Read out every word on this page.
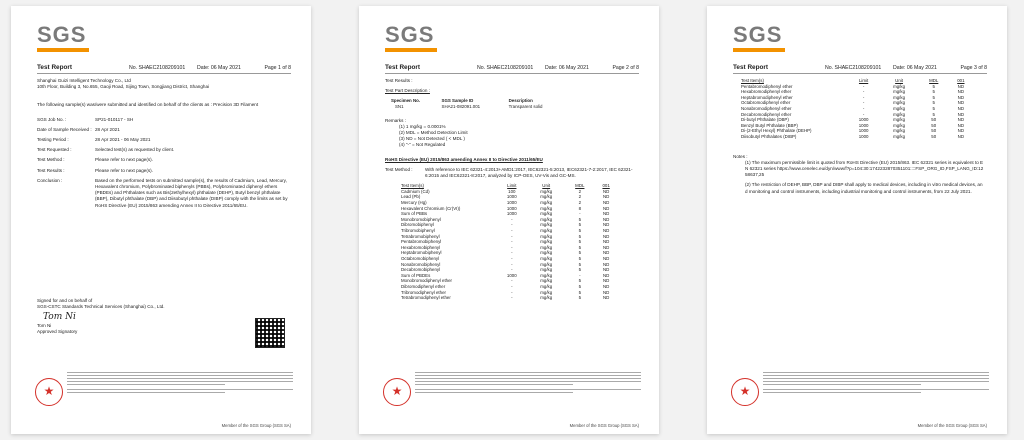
SGS
Test Report	No. SHAEC2108209101	Date: 06 May 2021	Page 1 of 8
Shanghai Guizi Intelligent Technology Co., Ltd
10th Floor, Building 3, No.655, Gaoji Road, Sijing Town, Songjiang District, Shanghai
The following sample(s) was/were submitted and identified on behalf of the clients as : Precision 3D Filament
SGS Job No. :	SP21-010117 - SH
Date of Sample Received : 28 Apr 2021
Testing Period :	28 Apr 2021 - 06 May 2021
Test Requested :	Selected test(s) as requested by client.
Test Method :	Please refer to next page(s).
Test Results :	Please refer to next page(s).
Conclusion :	Based on the performed tests on submitted sample(s), the results of Cadmium, Lead, Mercury, Hexavalent chromium, Polybrominated biphenyls (PBBs), Polybrominated diphenyl ethers (PBDEs) and Phthalates such as Bis(2ethylhexyl) phthalate (DEHP), Butyl benzyl phthalate (BBP), Dibutyl phthalate (DBP) and Diisobutyl phthalate (DIBP) comply with the limits as set by RoHS Directive (EU) 2015/863 amending Annex II to Directive 2011/65/EU.
Signed for and on behalf of
SGS-CSTC Standards Technical Services (Shanghai) Co., Ltd.
Tom Ni
Tom Ni
Approved Signatory
★
Member of the SGS Group (SGS SA)
SGS
Test Report	No. SHAEC2108209101	Date: 06 May 2021	Page 2 of 8
Test Results :
Test Part Description :
Specimen No.	SGS Sample ID	Description
SN1	SHA21-082091.001	Transparent solid
Remarks :
(1) 1 mg/kg = 0.0001%
(2) MDL = Method Detection Limit
(3) ND = Not Detected ( < MDL )
(4) "-" = Not Regulated
RoHS Directive (EU) 2015/863 amending Annex II to Directive 2011/65/EU
Test Method :	With reference to IEC 62321-4:2013+AMD1:2017, IEC62321-5:2013, IEC62321-7-2:2017, IEC 62321-6:2015 and IEC62321-8:2017, analyzed by ICP-OES, UV-Vis and GC-MS.
Test Item(s)	Limit	Unit	MDL	001
Cadmium (Cd)	100	mg/kg	2	ND
Lead (Pb)	1000	mg/kg	2	ND
Mercury (Hg)	1000	mg/kg	2	ND
Hexavalent Chromium (Cr(VI))	1000	mg/kg	8	ND
Sum of PBBs	1000	mg/kg	-	ND
Monobromobiphenyl	-	mg/kg	5	ND
Dibromobiphenyl	-	mg/kg	5	ND
Tribromobiphenyl	-	mg/kg	5	ND
Tetrabromobiphenyl	-	mg/kg	5	ND
Pentabromobiphenyl	-	mg/kg	5	ND
Hexabromobiphenyl	-	mg/kg	5	ND
Heptabromobiphenyl	-	mg/kg	5	ND
Octabromobiphenyl	-	mg/kg	5	ND
Nonabromobiphenyl	-	mg/kg	5	ND
Decabromobiphenyl	-	mg/kg	5	ND
Sum of PBDEs	1000	mg/kg	-	ND
Monobromodiphenyl ether	-	mg/kg	5	ND
Dibromodiphenyl ether	-	mg/kg	5	ND
Tribromodiphenyl ether	-	mg/kg	5	ND
Tetrabromodiphenyl ether	-	mg/kg	5	ND
★
Member of the SGS Group (SGS SA)
SGS
Test Report	No. SHAEC2108209101	Date: 06 May 2021	Page 3 of 8
Test Item(s)	Limit	Unit	MDL	001
Pentabromodiphenyl ether	-	mg/kg	5	ND
Hexabromodiphenyl ether	-	mg/kg	5	ND
Heptabromodiphenyl ether	-	mg/kg	5	ND
Octabromodiphenyl ether	-	mg/kg	5	ND
Nonabromodiphenyl ether	-	mg/kg	5	ND
Decabromodiphenyl ether	-	mg/kg	5	ND
Di-butyl Phthalate (DBP)	1000	mg/kg	50	ND
Benzyl Butyl Phthalate (BBP)	1000	mg/kg	50	ND
Di-(2-Ethyl Hexyl) Phthalate (DEHP)	1000	mg/kg	50	ND
Diisobutyl Phthalates (DIBP)	1000	mg/kg	50	ND
Notes :
(1) The maximum permissible limit is quoted from RoHS Directive (EU) 2015/863. IEC 62321 series is equivalent to EN 62321 series https://www.cenelec.eu/dyn/www/f?p=104:30:1742232870351101::::FSP_ORG_ID,FSP_LANG_ID:1258637,25
(2) The restriction of DEHP, BBP, DBP and DIBP shall apply to medical devices, including in vitro medical devices, and monitoring and control instruments, including industrial monitoring and control instruments, from 22 July 2021.
★
Member of the SGS Group (SGS SA)
